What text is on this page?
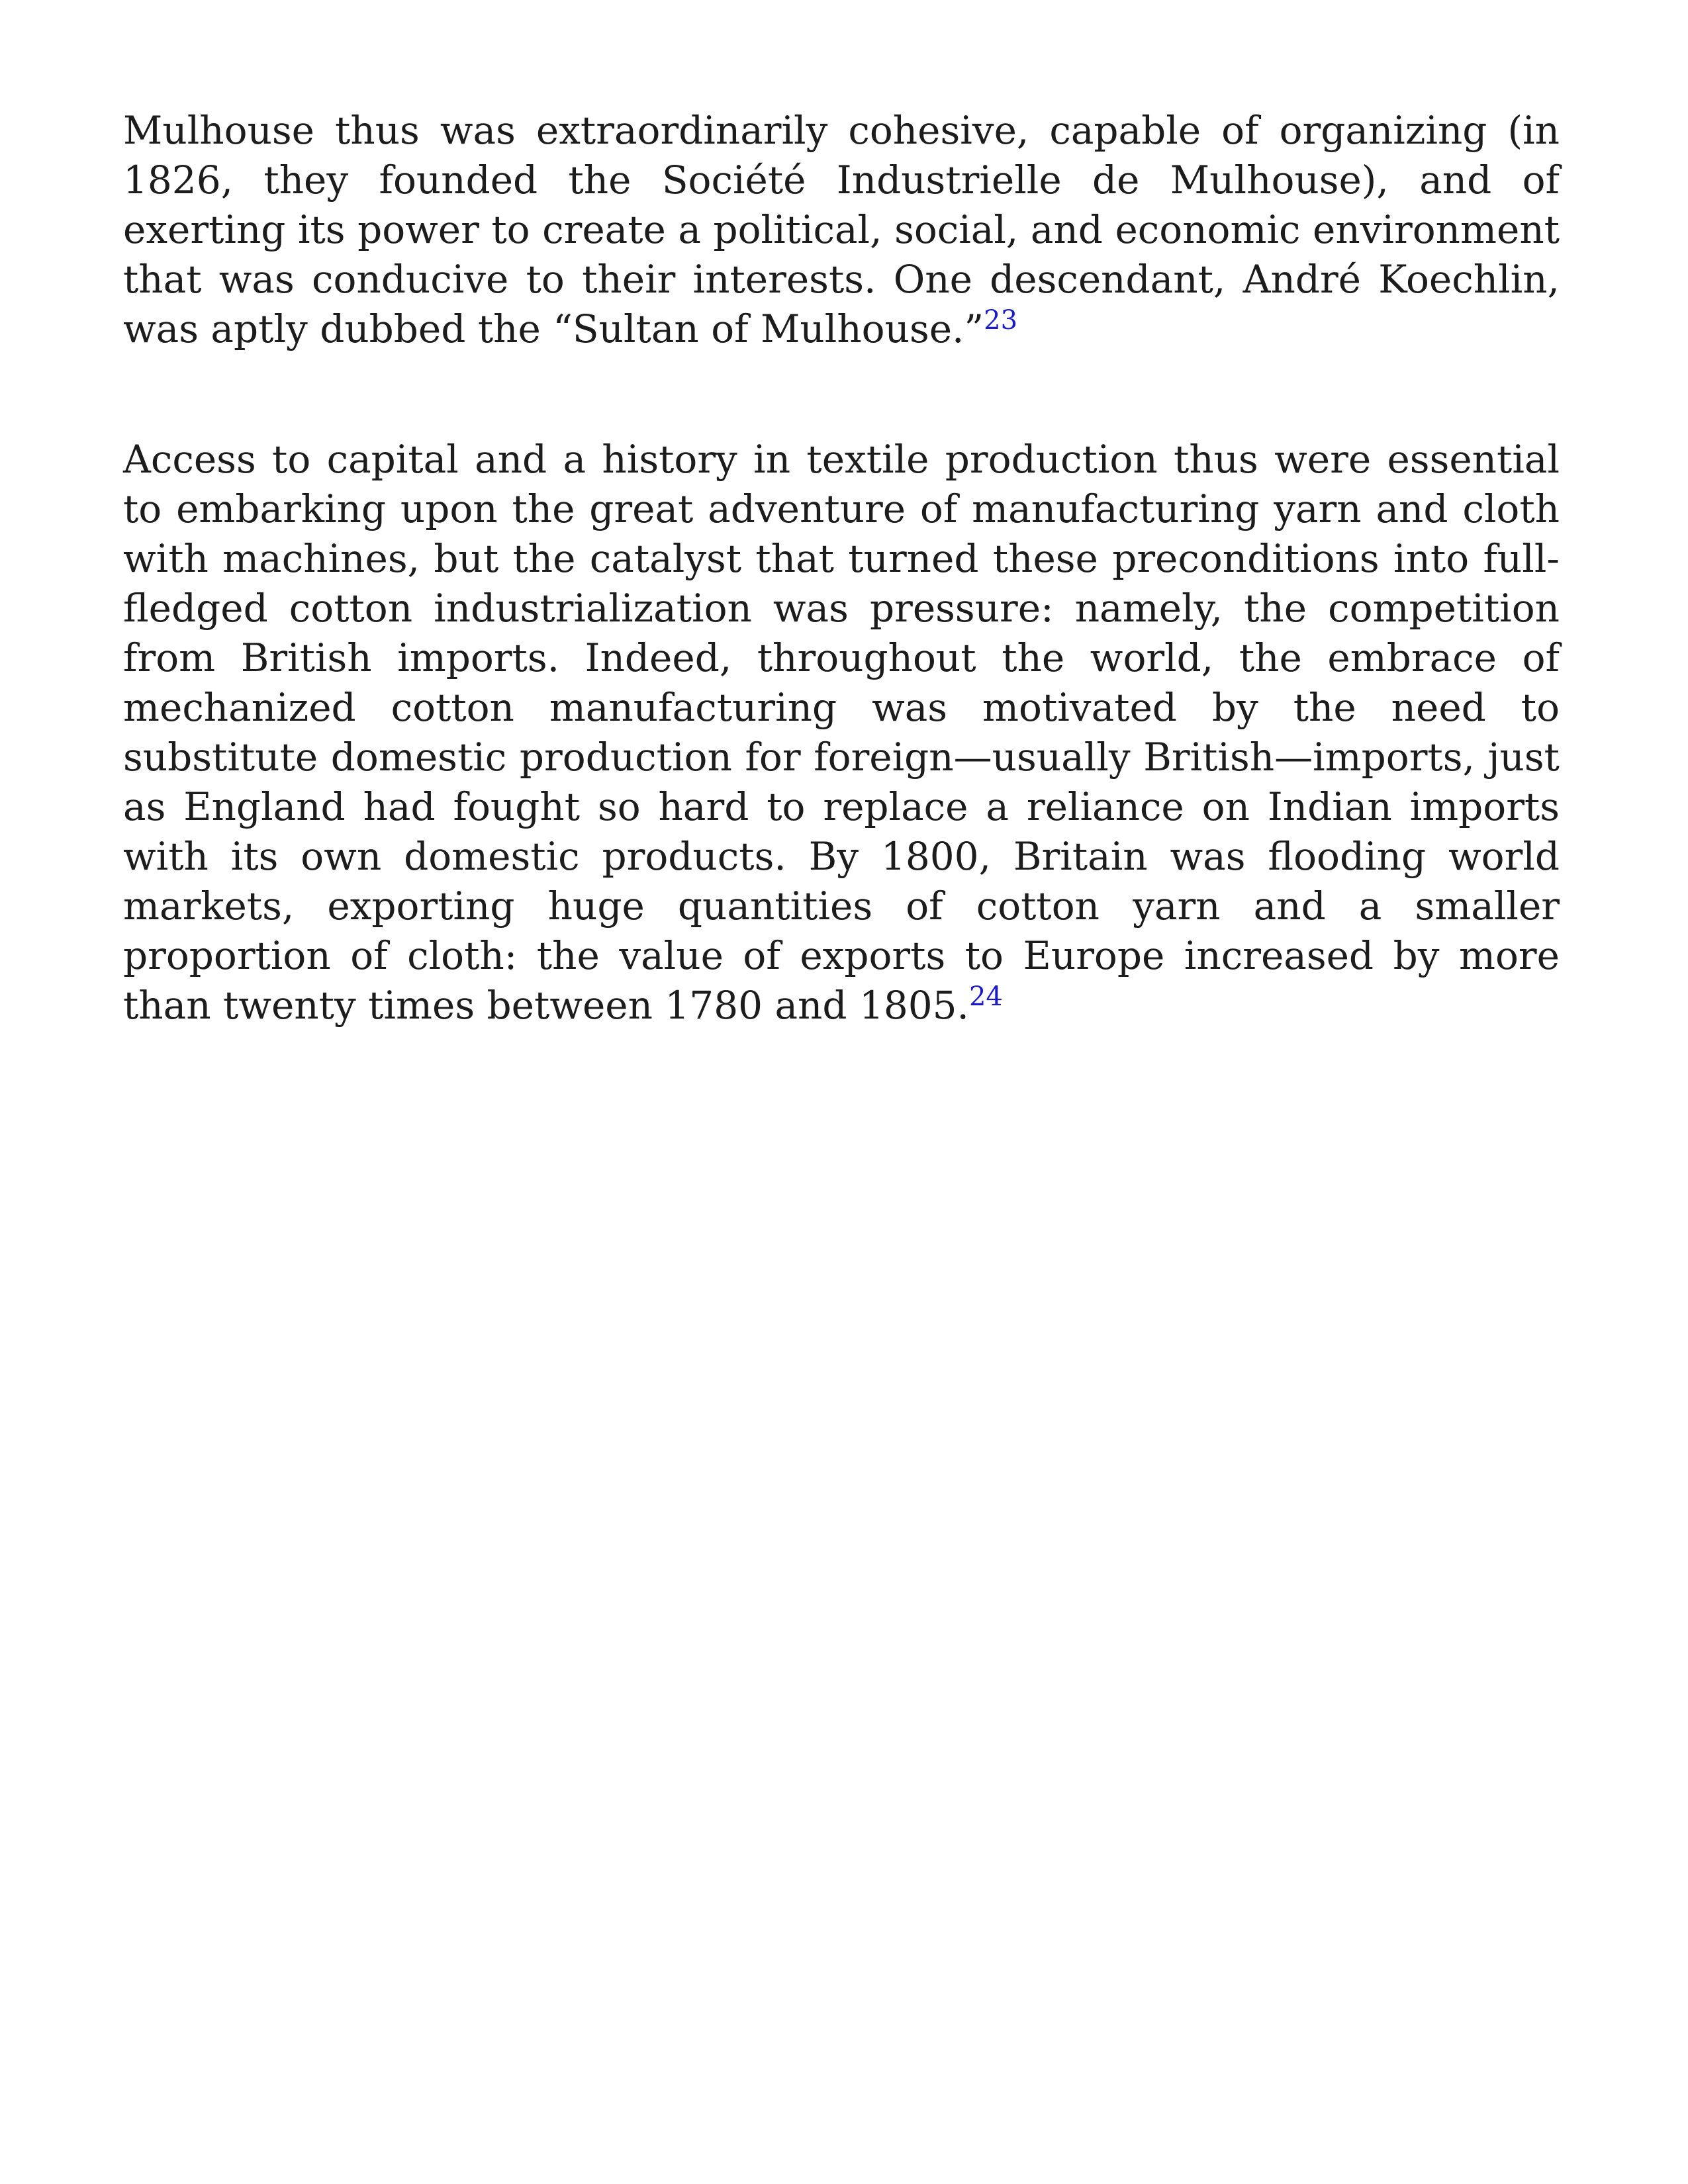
Mulhouse thus was extraordinarily cohesive, capable of organizing (in 1826, they founded the Société Industrielle de Mulhouse), and of exerting its power to create a political, social, and economic environment that was conducive to their interests. One descendant, André Koechlin, was aptly dubbed the “Sultan of Mulhouse.”$^{23}$

Access to capital and a history in textile production thus were essential to embarking upon the great adventure of manufacturing yarn and cloth with machines, but the catalyst that turned these preconditions into full-fledged cotton industrialization was pressure: namely, the competition from British imports. Indeed, throughout the world, the embrace of mechanized cotton manufacturing was motivated by the need to substitute domestic production for foreign—usually British—imports, just as England had fought so hard to replace a reliance on Indian imports with its own domestic products. By 1800, Britain was flooding world markets, exporting huge quantities of cotton yarn and a smaller proportion of cloth: the value of exports to Europe increased by more than twenty times between 1780 and 1805.24
